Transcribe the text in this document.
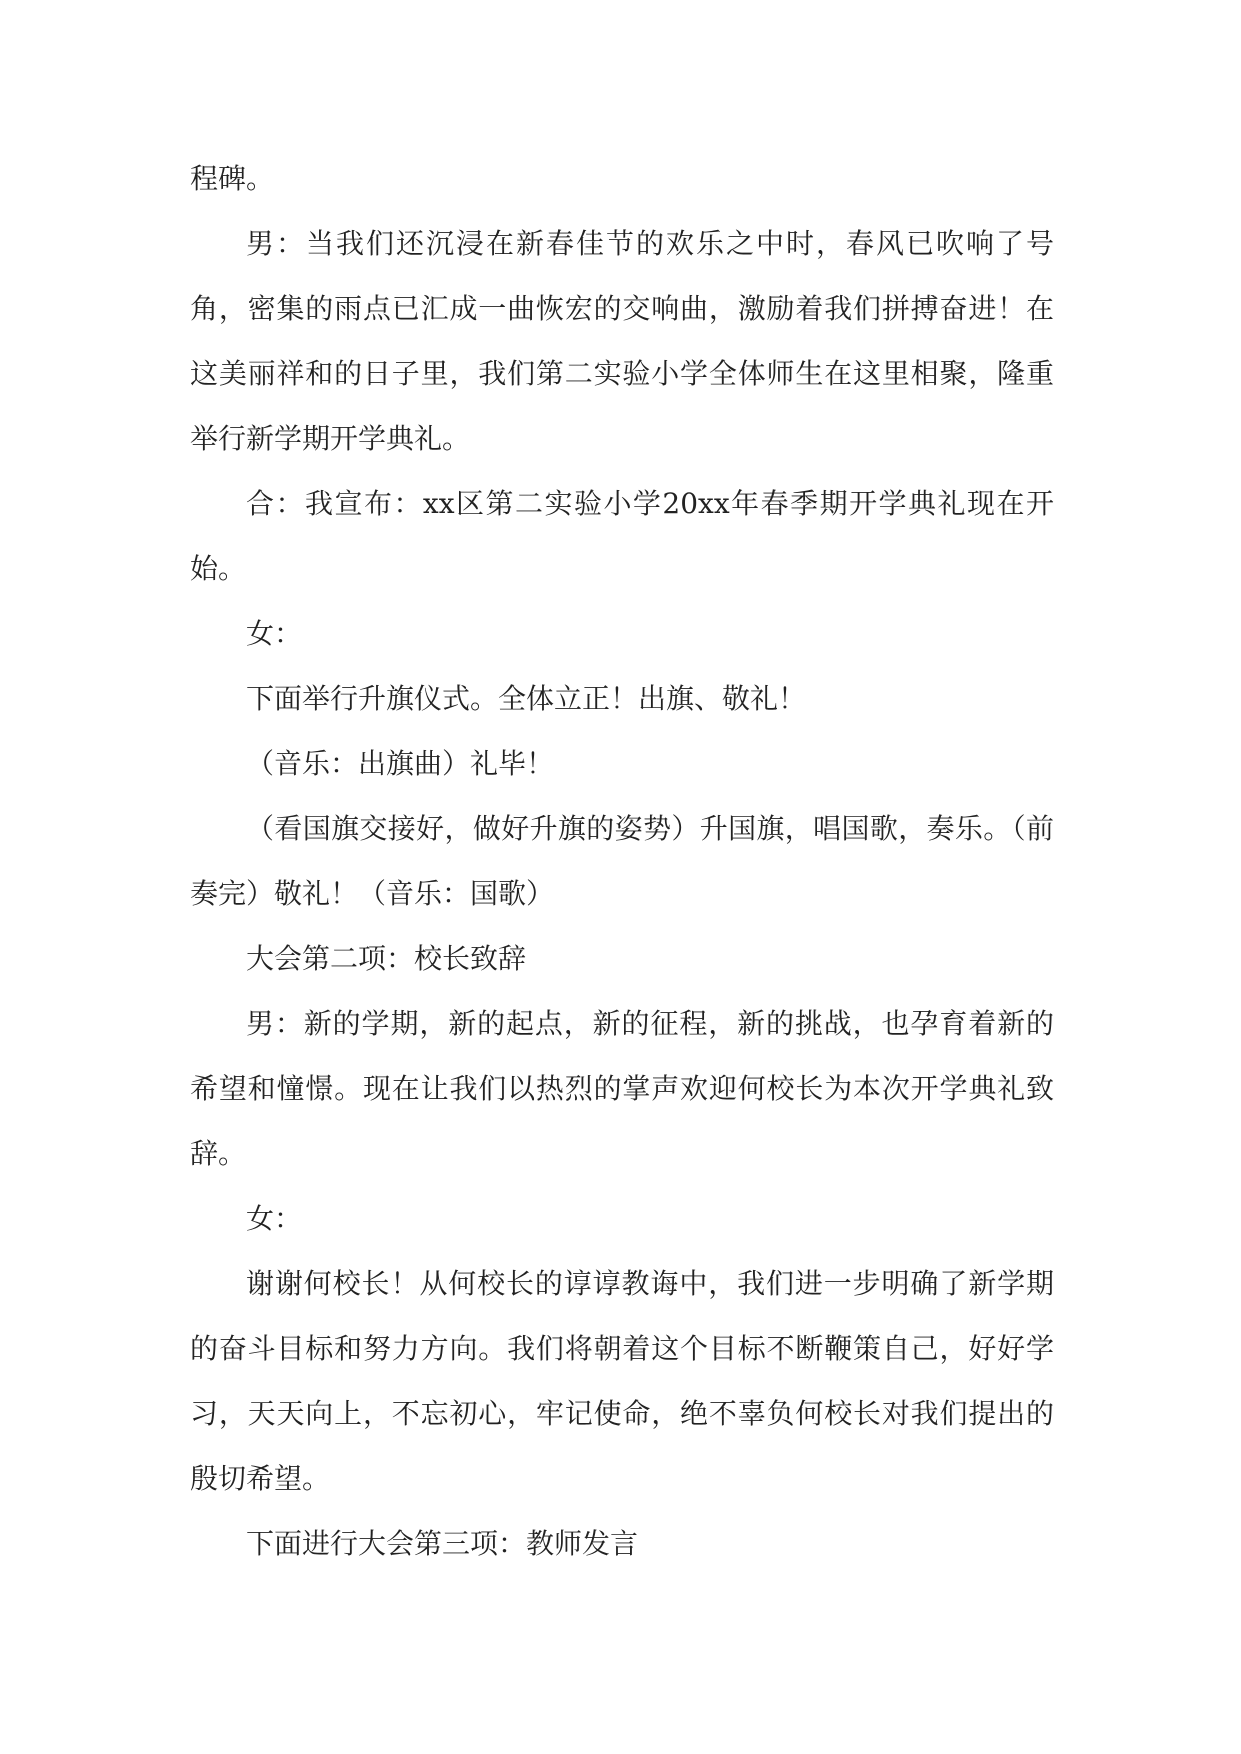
程碑。

男：当我们还沉浸在新春佳节的欢乐之中时，春风已吹响了号角，密集的雨点已汇成一曲恢宏的交响曲，激励着我们拼搏奋进！在这美丽祥和的日子里，我们第二实验小学全体师生在这里相聚，隆重举行新学期开学典礼。

合：我宣布：xx区第二实验小学20xx年春季期开学典礼现在开始。

女：

下面举行升旗仪式。全体立正！出旗、敬礼！

（音乐：出旗曲）礼毕！

（看国旗交接好，做好升旗的姿势）升国旗，唱国歌，奏乐。（前奏完）敬礼！（音乐：国歌）

大会第二项：校长致辞

男：新的学期，新的起点，新的征程，新的挑战，也孕育着新的希望和憧憬。现在让我们以热烈的掌声欢迎何校长为本次开学典礼致辞。

女：

谢谢何校长！从何校长的谆谆教诲中，我们进一步明确了新学期的奋斗目标和努力方向。我们将朝着这个目标不断鞭策自己，好好学习，天天向上，不忘初心，牢记使命，绝不辜负何校长对我们提出的殷切希望。

下面进行大会第三项：教师发言
